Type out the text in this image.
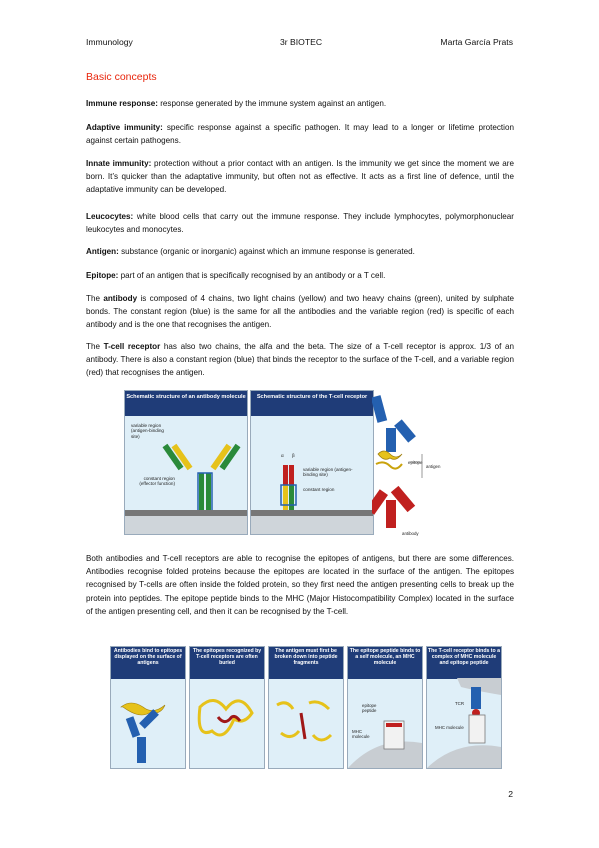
Immunology	3r BIOTEC	Marta García Prats
Basic concepts
Immune response: response generated by the immune system against an antigen.
Adaptive immunity: specific response against a specific pathogen. It may lead to a longer or lifetime protection against certain pathogens.
Innate immunity: protection without a prior contact with an antigen. Is the immunity we get since the moment we are born. It’s quicker than the adaptative immunity, but often not as effective. It acts as a first line of defence, until the adaptative immunity can be developed.
Leucocytes: white blood cells that carry out the immune response. They include lymphocytes, polymorphonuclear leukocytes and monocytes.
Antigen: substance (organic or inorganic) against which an immune response is generated.
Epitope: part of an antigen that is specifically recognised by an antibody or a T cell.
The antibody is composed of 4 chains, two light chains (yellow) and two heavy chains (green), united by sulphate bonds. The constant region (blue) is the same for all the antibodies and the variable region (red) is specific of each antibody and is the one that recognises the antigen.
The T-cell receptor has also two chains, the alfa and the beta. The size of a T-cell receptor is approx. 1/3 of an antibody. There is also a constant region (blue) that binds the receptor to the surface of the T-cell, and a variable region (red) that recognises the antigen.
Schematic structure of an antibody molecule
variable region (antigen-binding site)
constant region (effector function)
Schematic structure of the T-cell receptor
α β
variable region (antigen-binding site)
constant region
epitope
antigen
antibody
Both antibodies and T-cell receptors are able to recognise the epitopes of antigens, but there are some differences. Antibodies recognise folded proteins because the epitopes are located in the surface of the antigen. The epitopes recognised by T-cells are often inside the folded protein, so they first need the antigen presenting cells to break up the protein into peptides. The epitope peptide binds to the MHC (Major Histocompatibility Complex) located in the surface of the antigen presenting cell, and then it can be recognised by the T-cell.
Antibodies bind to epitopes displayed on the surface of antigens
The epitopes recognized by T-cell receptors are often buried
The antigen must first be broken down into peptide fragments
The epitope peptide binds to a self molecule, an MHC molecule
epitope peptide
MHC molecule
The T-cell receptor binds to a complex of MHC molecule and epitope peptide
TCR
MHC molecule
2
